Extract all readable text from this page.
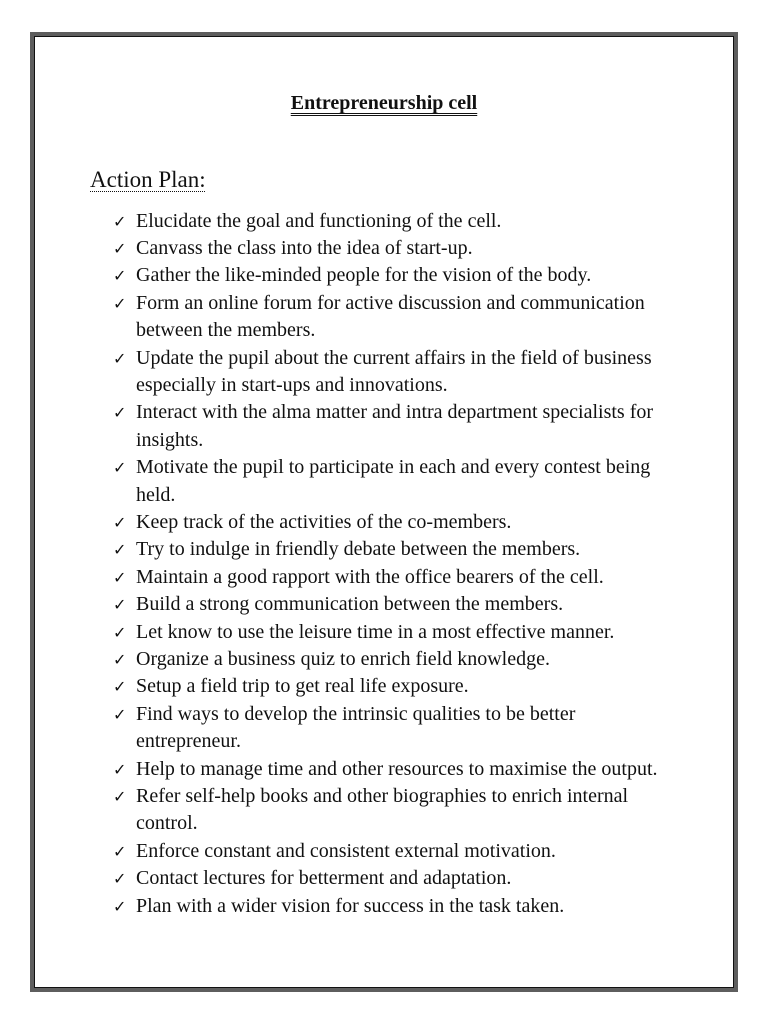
Entrepreneurship cell
Action Plan:
✓
Elucidate the goal and functioning of the cell.
✓
Canvass the class into the idea of start-up.
✓
Gather the like-minded people for the vision of the body.
✓
Form an online forum for active discussion and communication between the members.
✓
Update the pupil about the current affairs in the field of business especially in start-ups and innovations.
✓
Interact with the alma matter and intra department specialists for insights.
✓
Motivate the pupil to participate in each and every contest being held.
✓
Keep track of the activities of the co-members.
✓
Try to indulge in friendly debate between the members.
✓
Maintain a good rapport with the office bearers of the cell.
✓
Build a strong communication between the members.
✓
Let know to use the leisure time in a most effective manner.
✓
Organize a business quiz to enrich field knowledge.
✓
Setup a field trip to get real life exposure.
✓
Find ways to develop the intrinsic qualities to be better entrepreneur.
✓
Help to manage time and other resources to maximise the output.
✓
Refer self-help books and other biographies to enrich internal control.
✓
Enforce constant and consistent external motivation.
✓
Contact lectures for betterment and adaptation.
✓
Plan with a wider vision for success in the task taken.
